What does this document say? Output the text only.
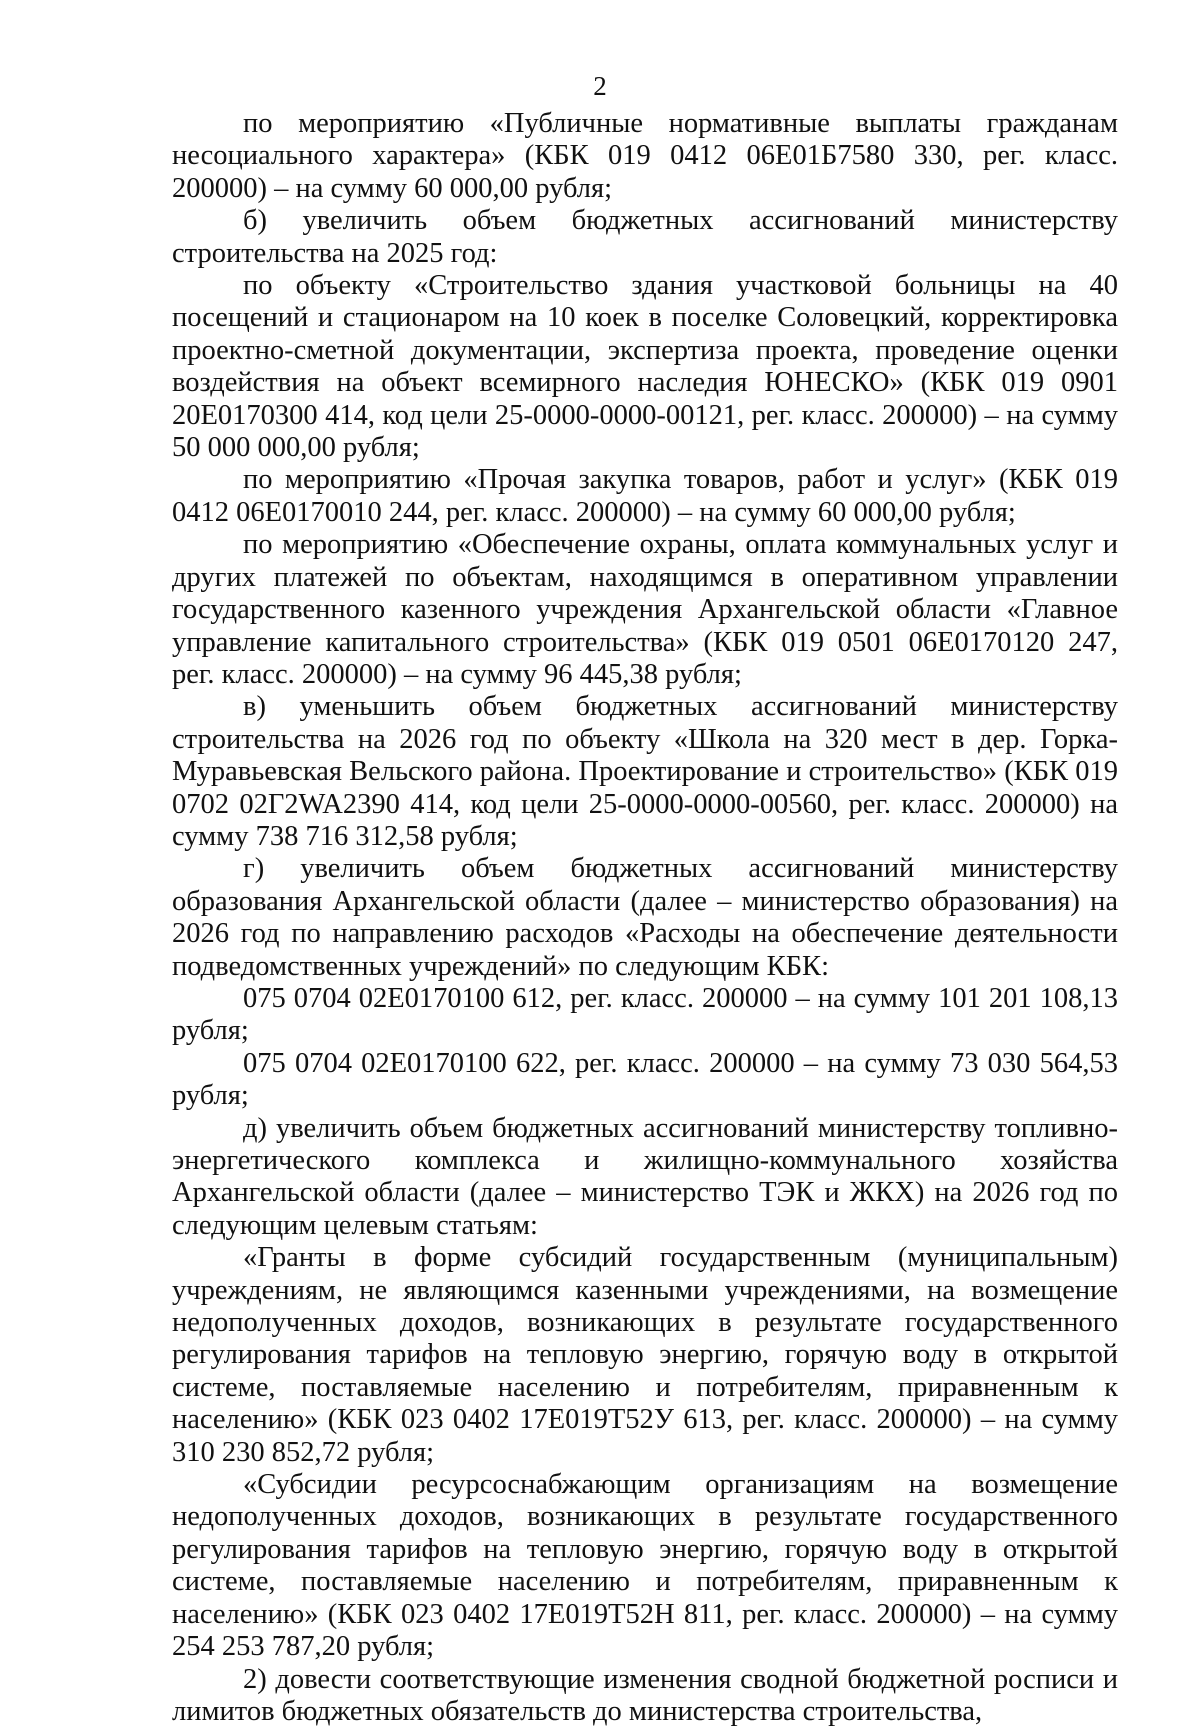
2

по мероприятию «Публичные нормативные выплаты гражданам несоциального характера» (КБК 019 0412 06Е01Б7580 330, рег. класс. 200000) – на сумму 60 000,00 рубля;

б) увеличить объем бюджетных ассигнований министерству строительства на 2025 год:

по объекту «Строительство здания участковой больницы на 40 посещений и стационаром на 10 коек в поселке Соловецкий, корректировка проектно-сметной документации, экспертиза проекта, проведение оценки воздействия на объект всемирного наследия ЮНЕСКО» (КБК 019 0901 20Е0170300 414, код цели 25-0000-0000-00121, рег. класс. 200000) – на сумму 50 000 000,00 рубля;

по мероприятию «Прочая закупка товаров, работ и услуг» (КБК 019 0412 06Е0170010 244, рег. класс. 200000) – на сумму 60 000,00 рубля;

по мероприятию «Обеспечение охраны, оплата коммунальных услуг и других платежей по объектам, находящимся в оперативном управлении государственного казенного учреждения Архангельской области «Главное управление капитального строительства» (КБК 019 0501 06Е0170120 247, рег. класс. 200000) – на сумму 96 445,38 рубля;

в) уменьшить объем бюджетных ассигнований министерству строительства на 2026 год по объекту «Школа на 320 мест в дер. Горка-Муравьевская Вельского района. Проектирование и строительство» (КБК 019 0702 02Г2WA2390 414, код цели 25-0000-0000-00560, рег. класс. 200000) на сумму 738 716 312,58 рубля;

г) увеличить объем бюджетных ассигнований министерству образования Архангельской области (далее – министерство образования) на 2026 год по направлению расходов «Расходы на обеспечение деятельности подведомственных учреждений» по следующим КБК:

075 0704 02Е0170100 612, рег. класс. 200000 – на сумму 101 201 108,13 рубля;

075 0704 02Е0170100 622, рег. класс. 200000 – на сумму 73 030 564,53 рубля;

д) увеличить объем бюджетных ассигнований министерству топливно-энергетического комплекса и жилищно-коммунального хозяйства Архангельской области (далее – министерство ТЭК и ЖКХ) на 2026 год по следующим целевым статьям:

«Гранты в форме субсидий государственным (муниципальным) учреждениям, не являющимся казенными учреждениями, на возмещение недополученных доходов, возникающих в результате государственного регулирования тарифов на тепловую энергию, горячую воду в открытой системе, поставляемые населению и потребителям, приравненным к населению» (КБК 023 0402 17Е019Т52У 613, рег. класс. 200000) – на сумму 310 230 852,72 рубля;

«Субсидии ресурсоснабжающим организациям на возмещение недополученных доходов, возникающих в результате государственного регулирования тарифов на тепловую энергию, горячую воду в открытой системе, поставляемые населению и потребителям, приравненным к населению» (КБК 023 0402 17Е019Т52Н 811, рег. класс. 200000) – на сумму 254 253 787,20 рубля;

2) довести соответствующие изменения сводной бюджетной росписи и лимитов бюджетных обязательств до министерства строительства,
